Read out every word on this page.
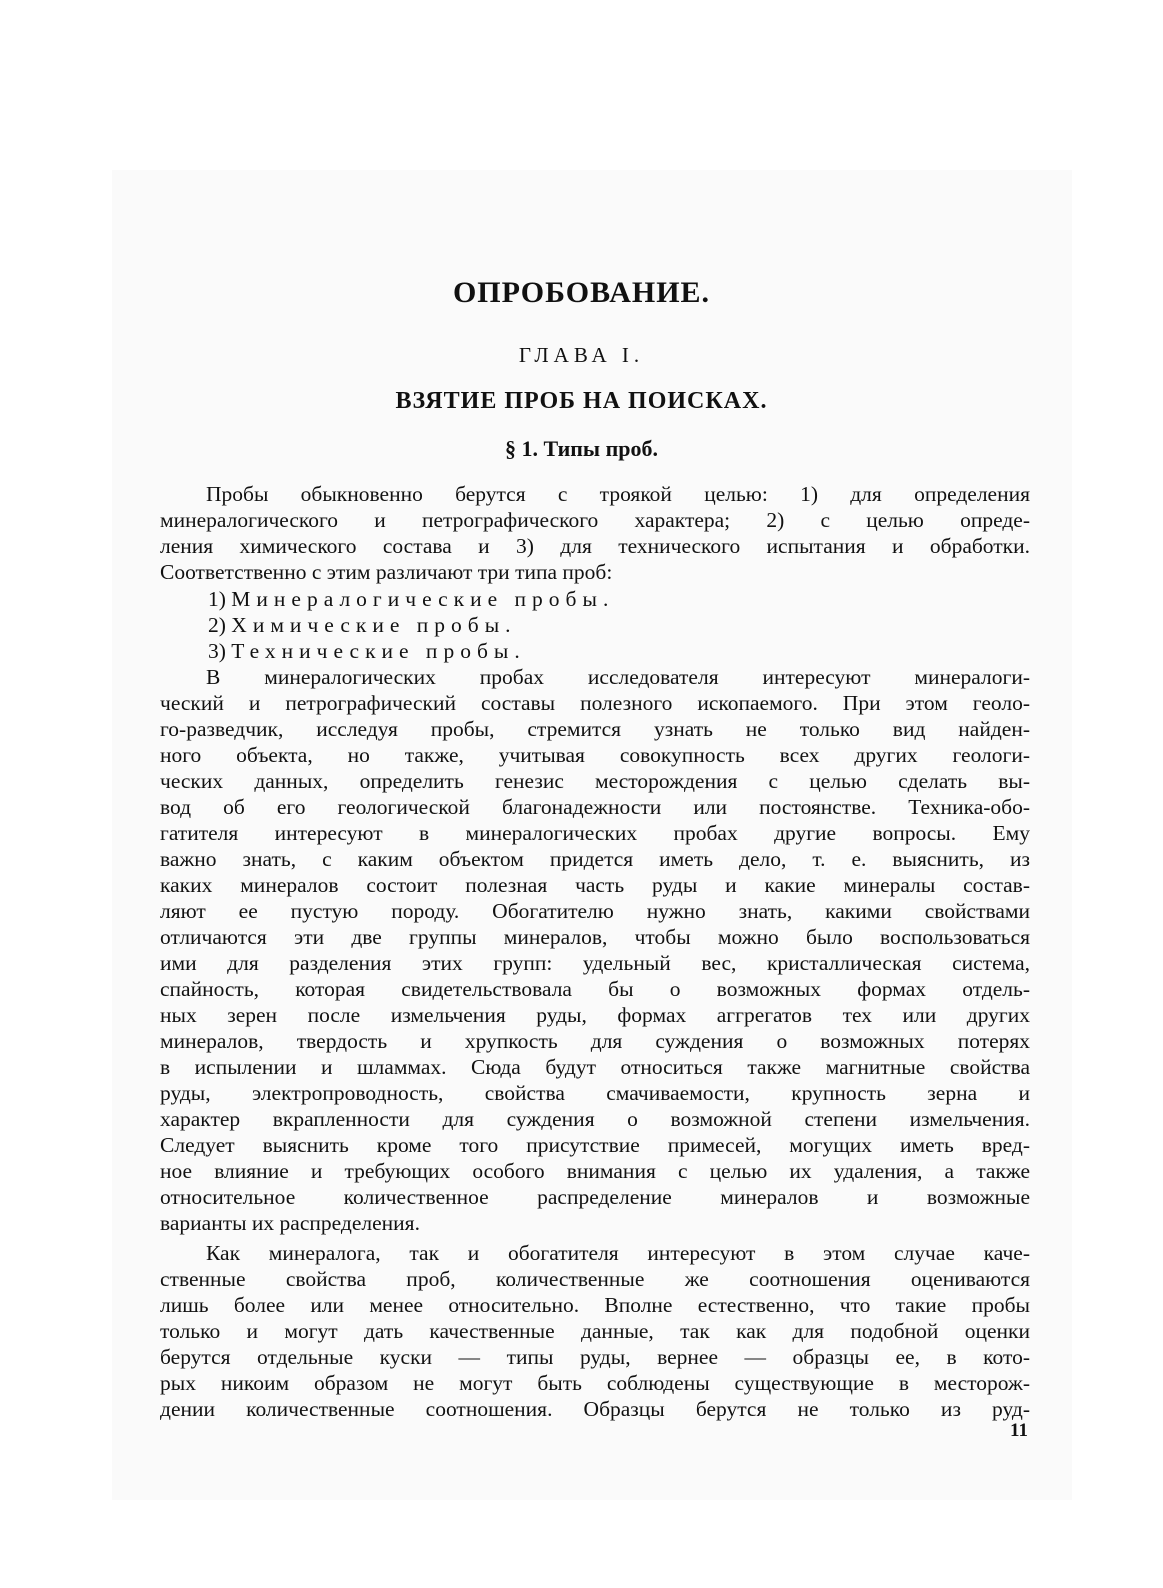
ОПРОБОВАНИЕ.
ГЛАВА I.
ВЗЯТИЕ ПРОБ НА ПОИСКАХ.
§ 1. Типы проб.
Пробы обыкновенно берутся с троякой целью: 1) для определения
минералогического и петрографического характера; 2) с целью опреде-
ления химического состава и 3) для технического испытания и обработки.
Соответственно с этим различают три типа проб:
1) Минералогические пробы.
2) Химические пробы.
3) Технические пробы.
В минералогических пробах исследователя интересуют минералоги-
ческий и петрографический составы полезного ископаемого. При этом геоло-
го-разведчик, исследуя пробы, стремится узнать не только вид найден-
ного объекта, но также, учитывая совокупность всех других геологи-
ческих данных, определить генезис месторождения с целью сделать вы-
вод об его геологической благонадежности или постоянстве. Техника-обо-
гатителя интересуют в минералогических пробах другие вопросы. Ему
важно знать, с каким объектом придется иметь дело, т. е. выяснить, из
каких минералов состоит полезная часть руды и какие минералы состав-
ляют ее пустую породу. Обогатителю нужно знать, какими свойствами
отличаются эти две группы минералов, чтобы можно было воспользоваться
ими для разделения этих групп: удельный вес, кристаллическая система,
спайность, которая свидетельствовала бы о возможных формах отдель-
ных зерен после измельчения руды, формах аггрегатов тех или других
минералов, твердость и хрупкость для суждения о возможных потерях
в испылении и шламмах. Сюда будут относиться также магнитные свойства
руды, электропроводность, свойства смачиваемости, крупность зерна и
характер вкрапленности для суждения о возможной степени измельчения.
Следует выяснить кроме того присутствие примесей, могущих иметь вред-
ное влияние и требующих особого внимания с целью их удаления, а также
относительное количественное распределение минералов и возможные
варианты их распределения.
Как минералога, так и обогатителя интересуют в этом случае каче-
ственные свойства проб, количественные же соотношения оцениваются
лишь более или менее относительно. Вполне естественно, что такие пробы
только и могут дать качественные данные, так как для подобной оценки
берутся отдельные куски — типы руды, вернее — образцы ее, в кото-
рых никоим образом не могут быть соблюдены существующие в месторож-
дении количественные соотношения. Образцы берутся не только из руд-
11
